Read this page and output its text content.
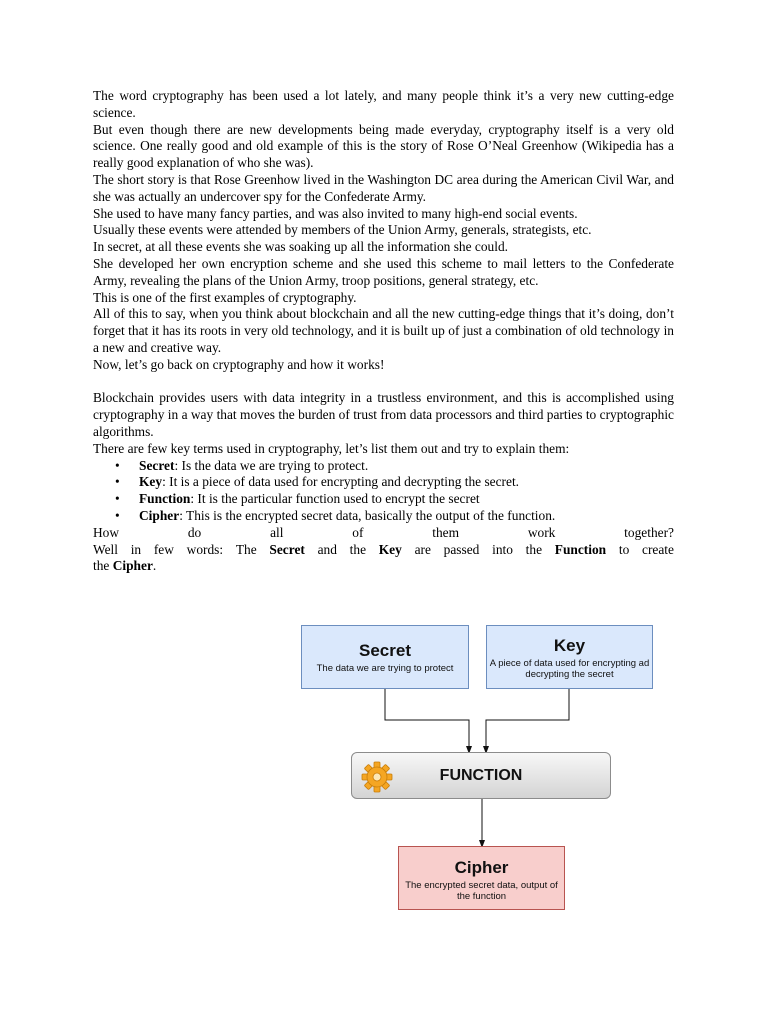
The word cryptography has been used a lot lately, and many people think it’s a very new cutting-edge science.

But even though there are new developments being made everyday, cryptography itself is a very old science. One really good and old example of this is the story of Rose O’Neal Greenhow (Wikipedia has a really good explanation of who she was).

The short story is that Rose Greenhow lived in the Washington DC area during the American Civil War, and she was actually an undercover spy for the Confederate Army.

She used to have many fancy parties, and was also invited to many high-end social events.

Usually these events were attended by members of the Union Army, generals, strategists, etc.

In secret, at all these events she was soaking up all the information she could.

She developed her own encryption scheme and she used this scheme to mail letters to the Confederate Army, revealing the plans of the Union Army, troop positions, general strategy, etc.

This is one of the first examples of cryptography.

All of this to say, when you think about blockchain and all the new cutting-edge things that it’s doing, don’t forget that it has its roots in very old technology, and it is built up of just a combination of old technology in a new and creative way.

Now, let’s go back on cryptography and how it works!

Blockchain provides users with data integrity in a trustless environment, and this is accomplished using cryptography in a way that moves the burden of trust from data processors and third parties to cryptographic algorithms.

There are few key terms used in cryptography, let’s list them out and try to explain them:

• Secret: Is the data we are trying to protect.
• Key: It is a piece of data used for encrypting and decrypting the secret.
• Function: It is the particular function used to encrypt the secret
• Cipher: This is the encrypted secret data, basically the output of the function.
How	do	all	of	them	work	together?
Well in few words: The Secret and the Key are passed into the Function to create

the Cipher.

Secret
The data we are trying to protect
Key
A piece of data used for encrypting ad decrypting the secret
FUNCTION
Cipher
The encrypted secret data, output of the function
